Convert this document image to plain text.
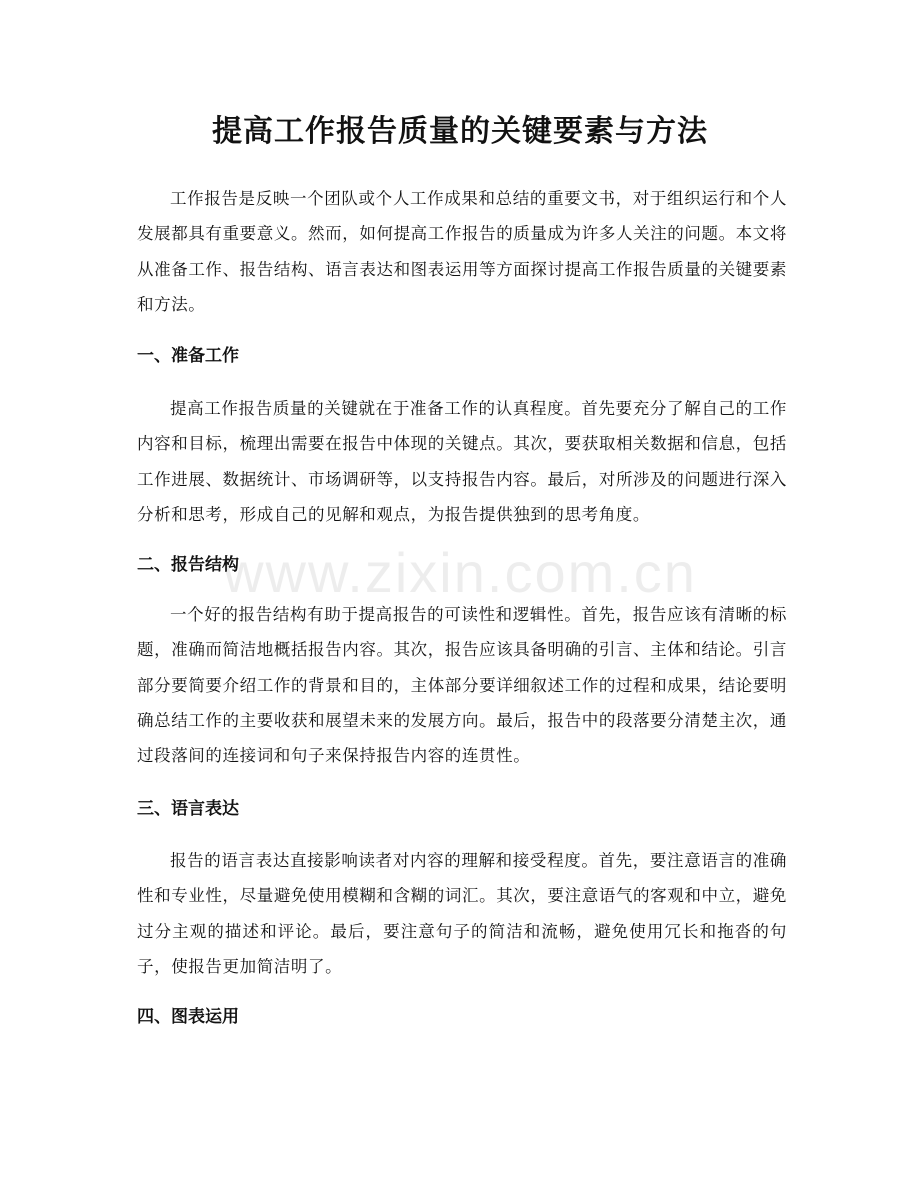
提高工作报告质量的关键要素与方法

工作报告是反映一个团队或个人工作成果和总结的重要文书，对于组织运行和个人发展都具有重要意义。然而，如何提高工作报告的质量成为许多人关注的问题。本文将从准备工作、报告结构、语言表达和图表运用等方面探讨提高工作报告质量的关键要素和方法。

一、准备工作

提高工作报告质量的关键就在于准备工作的认真程度。首先要充分了解自己的工作内容和目标，梳理出需要在报告中体现的关键点。其次，要获取相关数据和信息，包括工作进展、数据统计、市场调研等，以支持报告内容。最后，对所涉及的问题进行深入分析和思考，形成自己的见解和观点，为报告提供独到的思考角度。

二、报告结构

一个好的报告结构有助于提高报告的可读性和逻辑性。首先，报告应该有清晰的标题，准确而简洁地概括报告内容。其次，报告应该具备明确的引言、主体和结论。引言部分要简要介绍工作的背景和目的，主体部分要详细叙述工作的过程和成果，结论要明确总结工作的主要收获和展望未来的发展方向。最后，报告中的段落要分清楚主次，通过段落间的连接词和句子来保持报告内容的连贯性。

三、语言表达

报告的语言表达直接影响读者对内容的理解和接受程度。首先，要注意语言的准确性和专业性，尽量避免使用模糊和含糊的词汇。其次，要注意语气的客观和中立，避免过分主观的描述和评论。最后，要注意句子的简洁和流畅，避免使用冗长和拖沓的句子，使报告更加简洁明了。

四、图表运用
www.zixin.com.cn
